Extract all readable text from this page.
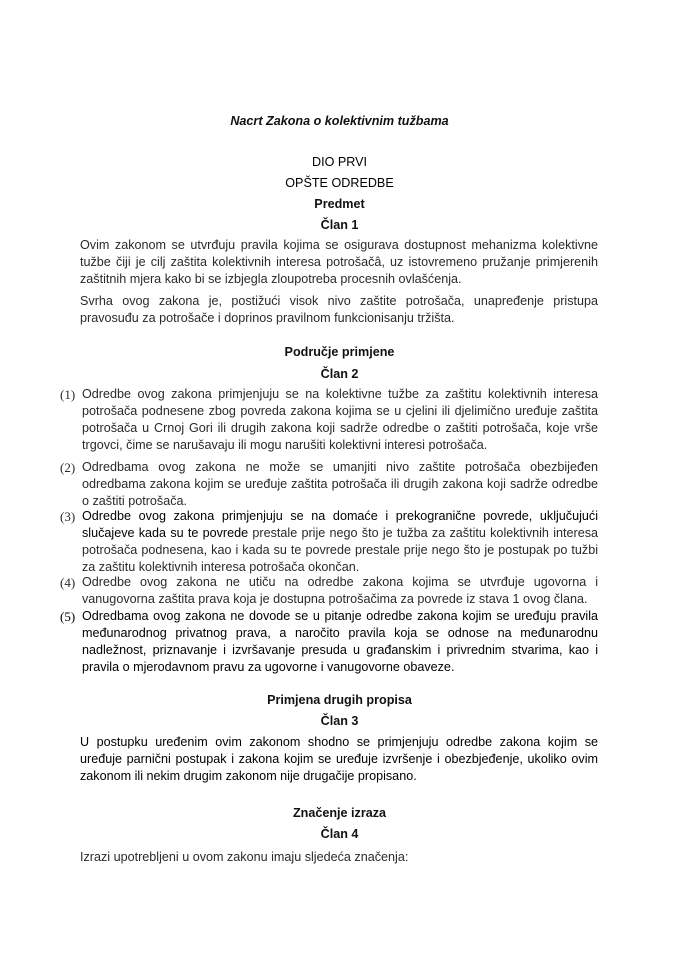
Nacrt Zakona o kolektivnim tužbama
DIO PRVI
OPŠTE ODREDBE
Predmet
Član 1
Ovim zakonom se utvrđuju pravila kojima se osigurava dostupnost mehanizma kolektivne tužbe čiji je cilj zaštita kolektivnih interesa potrošačâ, uz istovremeno pružanje primjerenih zaštitnih mjera kako bi se izbjegla zloupotreba procesnih ovlašćenja.
Svrha ovog zakona je, postižući visok nivo zaštite potrošača, unapređenje pristupa pravosuđu za potrošače i doprinos pravilnom funkcionisanju tržišta.
Područje primjene
Član 2
(1) Odredbe ovog zakona primjenjuju se na kolektivne tužbe za zaštitu kolektivnih interesa potrošača podnesene zbog povreda zakona kojima se u cjelini ili djelimično uređuje zaštita potrošača u Crnoj Gori ili drugih zakona koji sadrže odredbe o zaštiti potrošača, koje vrše trgovci, čime se narušavaju ili mogu narušiti kolektivni interesi potrošača.
(2) Odredbama ovog zakona ne može se umanjiti nivo zaštite potrošača obezbijeđen odredbama zakona kojim se uređuje zaštita potrošača ili drugih zakona koji sadrže odredbe o zaštiti potrošača.
(3) Odredbe ovog zakona primjenjuju se na domaće i prekogranične povrede, uključujući slučajeve kada su te povrede prestale prije nego što je tužba za zaštitu kolektivnih interesa potrošača podnesena, kao i kada su te povrede prestale prije nego što je postupak po tužbi za zaštitu kolektivnih interesa potrošača okončan.
(4) Odredbe ovog zakona ne utiču na odredbe zakona kojima se utvrđuje ugovorna i vanugovorna zaštita prava koja je dostupna potrošačima za povrede iz stava 1 ovog člana.
(5) Odredbama ovog zakona ne dovode se u pitanje odredbe zakona kojim se uređuju pravila međunarodnog privatnog prava, a naročito pravila koja se odnose na međunarodnu nadležnost, priznavanje i izvršavanje presuda u građanskim i privrednim stvarima, kao i pravila o mjerodavnom pravu za ugovorne i vanugovorne obaveze.
Primjena drugih propisa
Član 3
U postupku uređenim ovim zakonom shodno se primjenjuju odredbe zakona kojim se uređuje parnični postupak i zakona kojim se uređuje izvršenje i obezbjeđenje, ukoliko ovim zakonom ili nekim drugim zakonom nije drugačije propisano.
Značenje izraza
Član 4
Izrazi upotrebljeni u ovom zakonu imaju sljedeća značenja:
